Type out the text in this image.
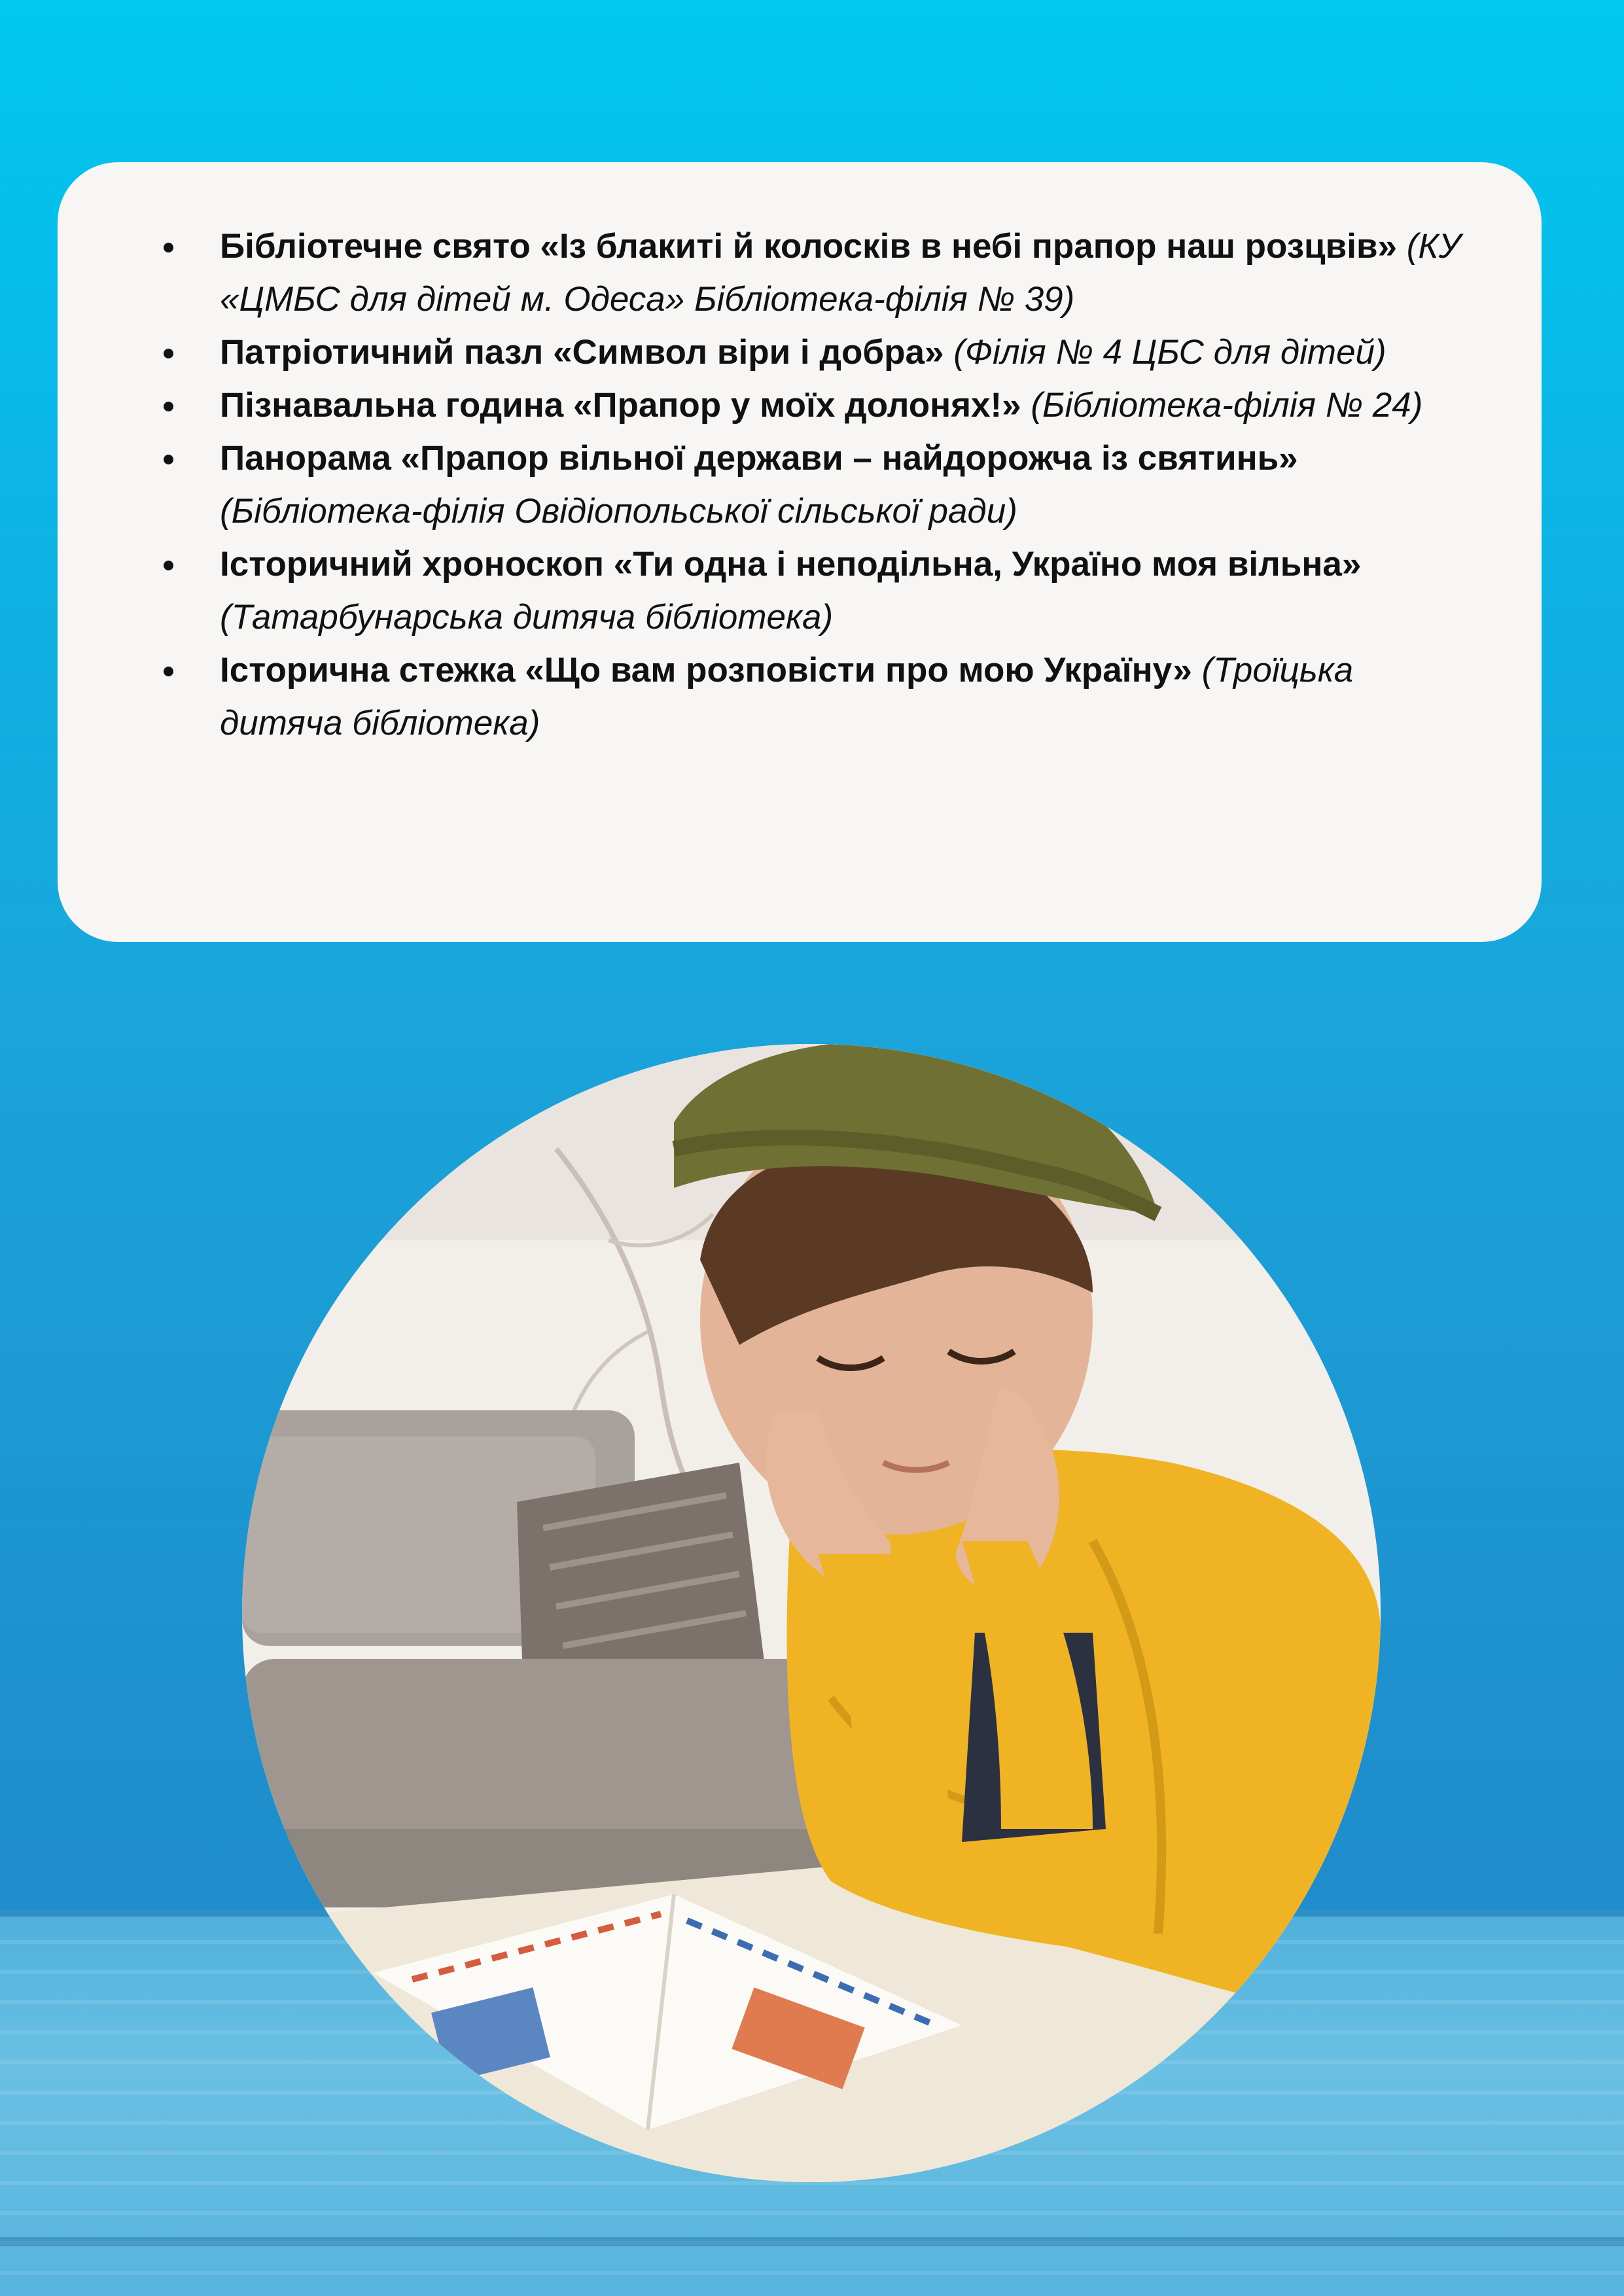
Бібліотечне свято «Із блакиті й колосків в небі прапор наш розцвів» (КУ «ЦМБС для дітей м. Одеса» Бібліотека-філія № 39)
Патріотичний пазл «Символ віри і добра» (Філія № 4 ЦБС для дітей)
Пізнавальна година «Прапор у моїх долонях!» (Бібліотека-філія № 24)
Панорама «Прапор вільної держави – найдорожча із святинь» (Бібліотека-філія Овідіопольської сільської ради)
Історичний хроноскоп «Ти одна і неподільна, Україно моя вільна» (Татарбунарська дитяча бібліотека)
Історична стежка «Що вам розповісти про мою Україну» (Троїцька дитяча бібліотека)
